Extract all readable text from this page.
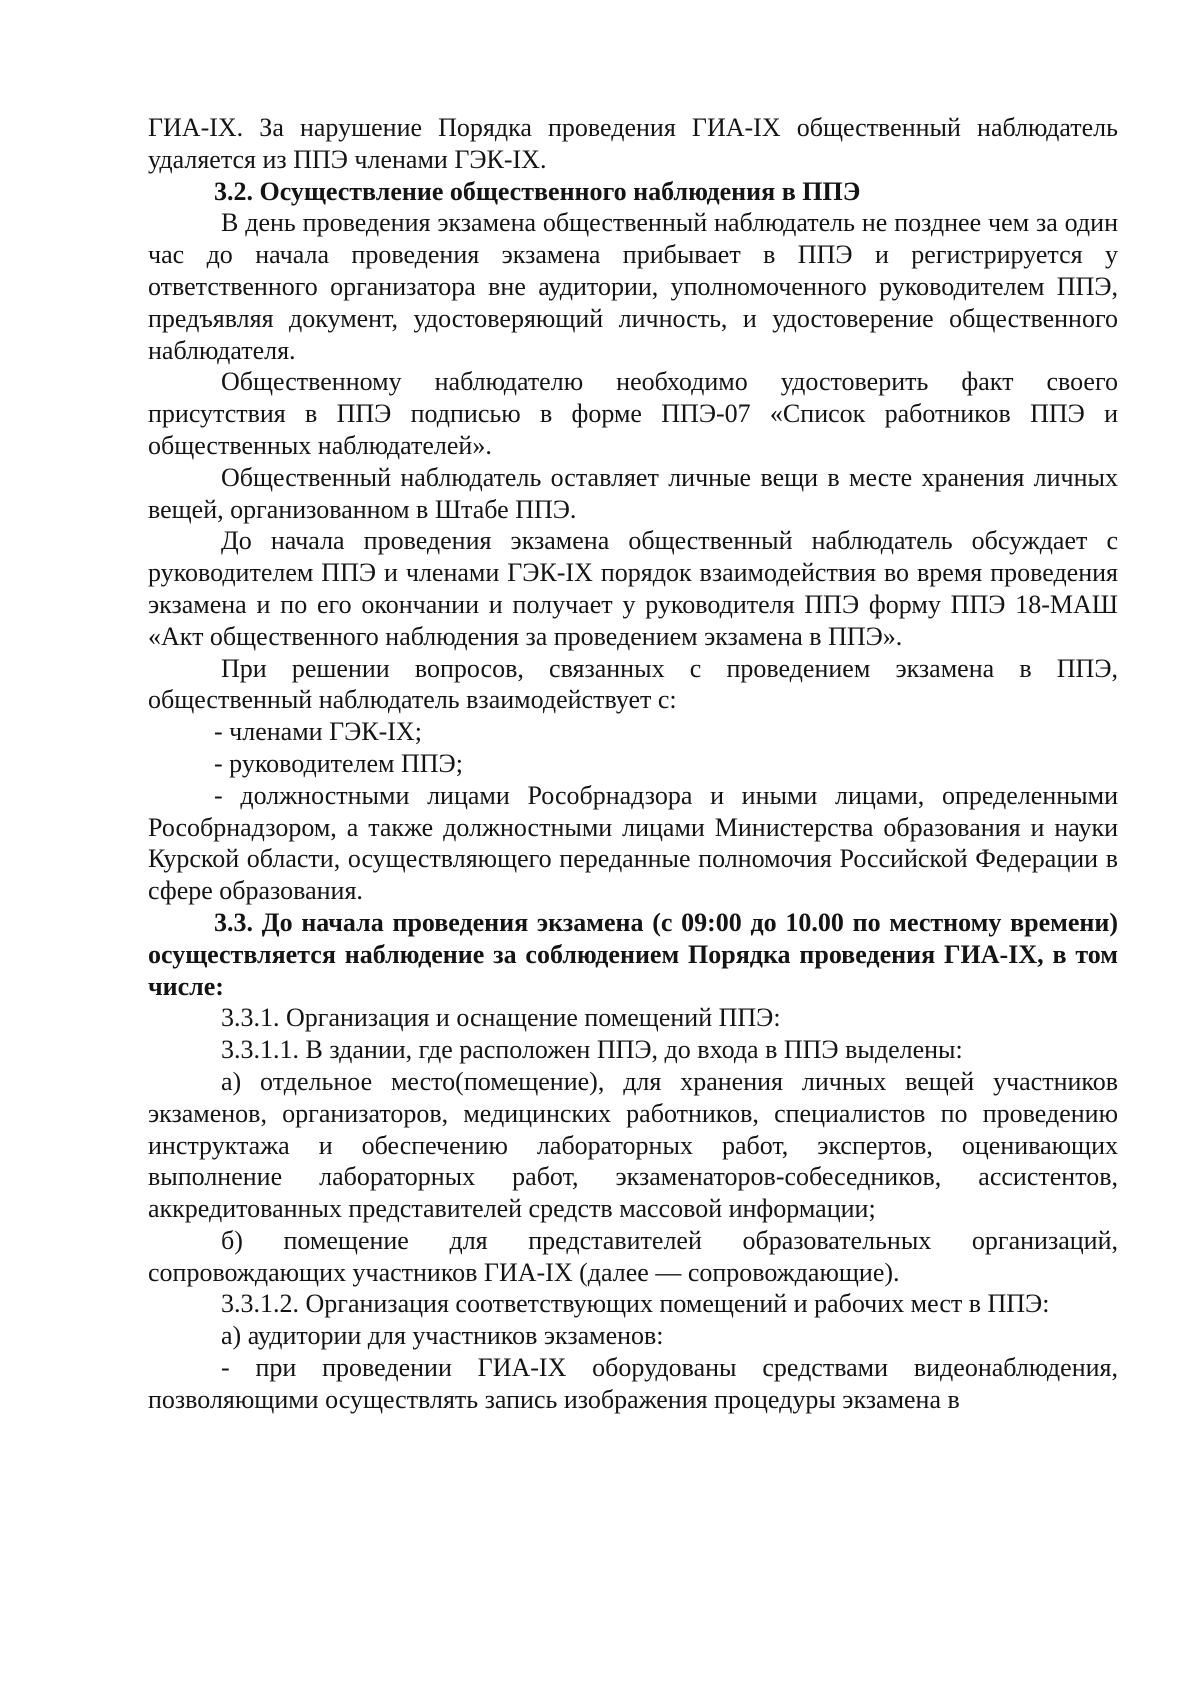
ГИА-IX. За нарушение Порядка проведения ГИА-IX общественный наблюдатель удаляется из ППЭ членами ГЭК-IX.

3.2. Осуществление общественного наблюдения в ППЭ

В день проведения экзамена общественный наблюдатель не позднее чем за один час до начала проведения экзамена прибывает в ППЭ и регистрируется у ответственного организатора вне аудитории, уполномоченного руководителем ППЭ, предъявляя документ, удостоверяющий личность, и удостоверение общественного наблюдателя.

Общественному наблюдателю необходимо удостоверить факт своего присутствия в ППЭ подписью в форме ППЭ-07 «Список работников ППЭ и общественных наблюдателей».

Общественный наблюдатель оставляет личные вещи в месте хранения личных вещей, организованном в Штабе ППЭ.

До начала проведения экзамена общественный наблюдатель обсуждает с руководителем ППЭ и членами ГЭК-IX порядок взаимодействия во время проведения экзамена и по его окончании и получает у руководителя ППЭ форму ППЭ 18-МАШ «Акт общественного наблюдения за проведением экзамена в ППЭ».

При решении вопросов, связанных с проведением экзамена в ППЭ, общественный наблюдатель взаимодействует с:

- членами ГЭК-IX;

- руководителем ППЭ;

- должностными лицами Рособрнадзора и иными лицами, определенными Рособрнадзором, а также должностными лицами Министерства образования и науки Курской области, осуществляющего переданные полномочия Российской Федерации в сфере образования.

3.3. До начала проведения экзамена (с 09:00 до 10.00 по местному времени) осуществляется наблюдение за соблюдением Порядка проведения ГИА-IX, в том числе:

3.3.1. Организация и оснащение помещений ППЭ:

3.3.1.1. В здании, где расположен ППЭ, до входа в ППЭ выделены:

а) отдельное место(помещение), для хранения личных вещей участников экзаменов, организаторов, медицинских работников, специалистов по проведению инструктажа и обеспечению лабораторных работ, экспертов, оценивающих выполнение лабораторных работ, экзаменаторов-собеседников, ассистентов, аккредитованных представителей средств массовой информации;

б) помещение для представителей образовательных организаций, сопровождающих участников ГИА-IX (далее — сопровождающие).

3.3.1.2. Организация соответствующих помещений и рабочих мест в ППЭ:

а) аудитории для участников экзаменов:

- при проведении ГИА-IX оборудованы средствами видеонаблюдения, позволяющими осуществлять запись изображения процедуры экзамена в
